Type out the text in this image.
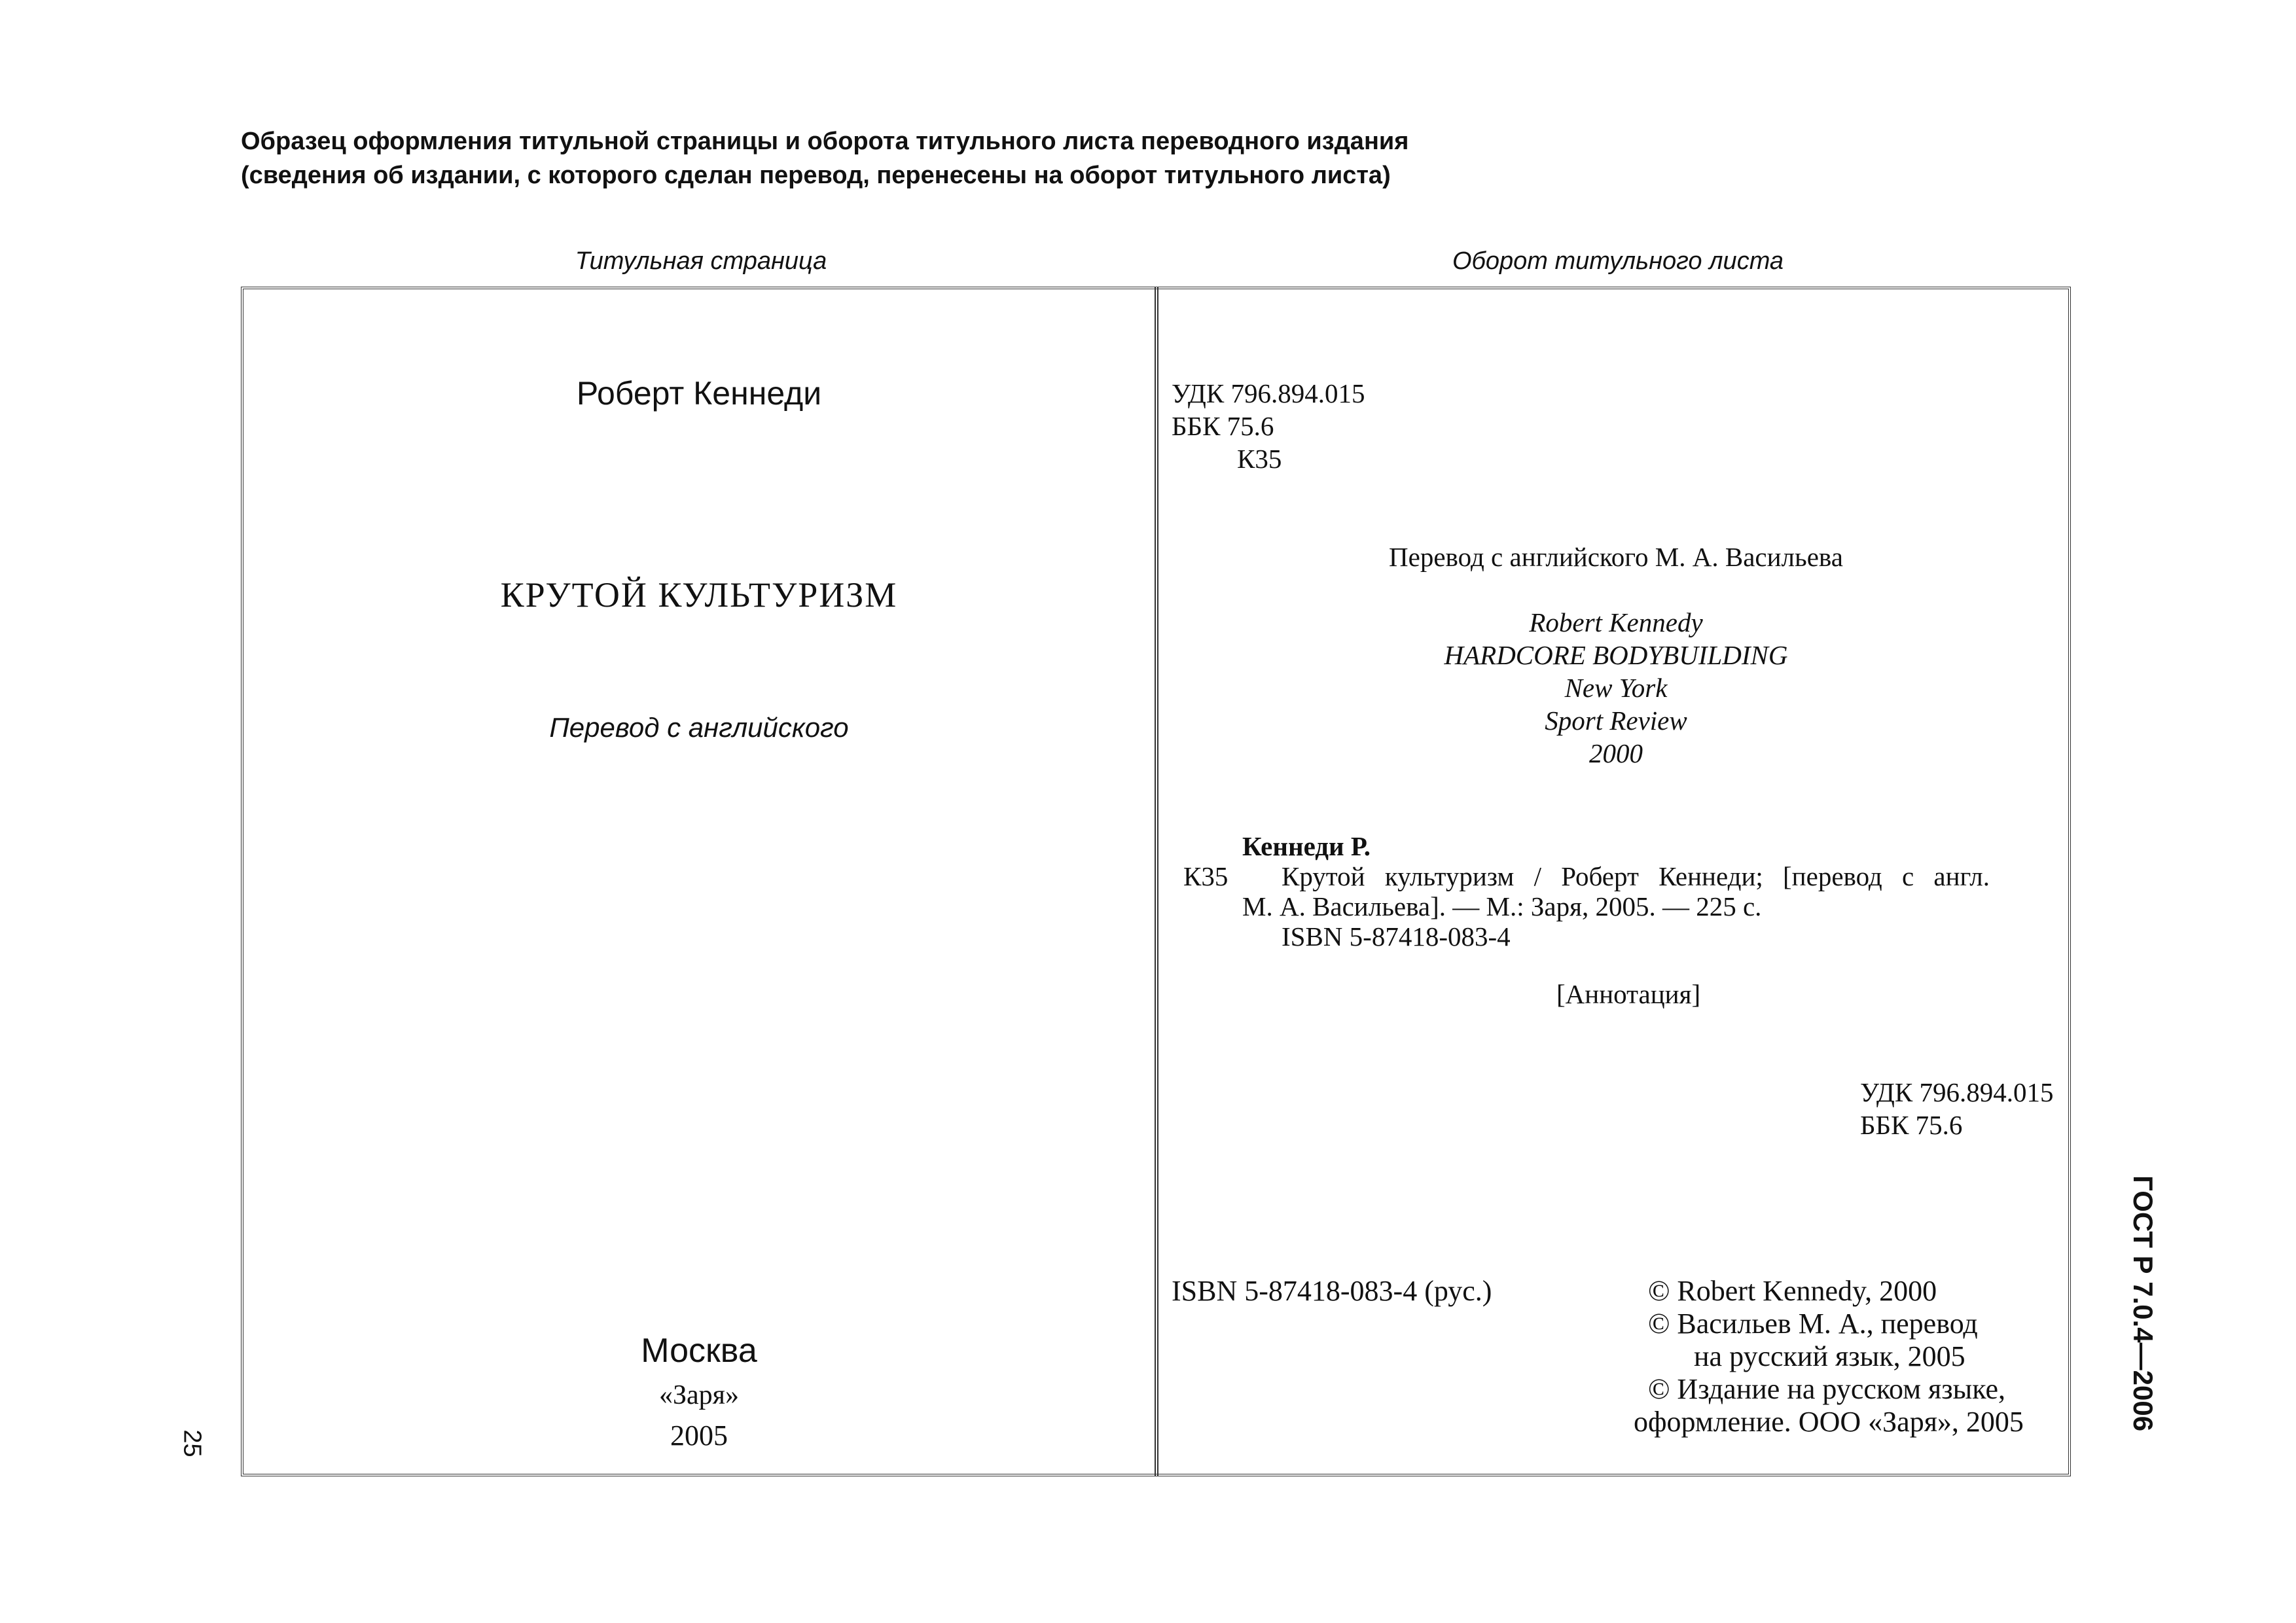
Образец оформления титульной страницы и оборота титульного листа переводного издания
(сведения об издании, с которого сделан перевод, перенесены на оборот титульного листа)
Титульная страница	Оборот титульного листа
Роберт Кеннеди
КРУТОЙ КУЛЬТУРИЗМ
Перевод с английского
Москва
«Заря»
2005
УДК 796.894.015
ББК 75.6
К35
Перевод с английского М. А. Васильева
Robert Kennedy
HARDCORE BODYBUILDING
New York
Sport Review
2000
Кеннеди Р.
К35 Крутой культуризм / Роберт Кеннеди; [перевод с англ.
М. А. Васильева]. — М.: Заря, 2005. — 225 с.
ISBN 5-87418-083-4
[Аннотация]
УДК 796.894.015
ББК 75.6
ISBN 5-87418-083-4 (рус.)	© Robert Kennedy, 2000
© Васильев М. А., перевод
на русский язык, 2005
© Издание на русском языке,
оформление. ООО «Заря», 2005
25
ГОСТ Р 7.0.4—2006
